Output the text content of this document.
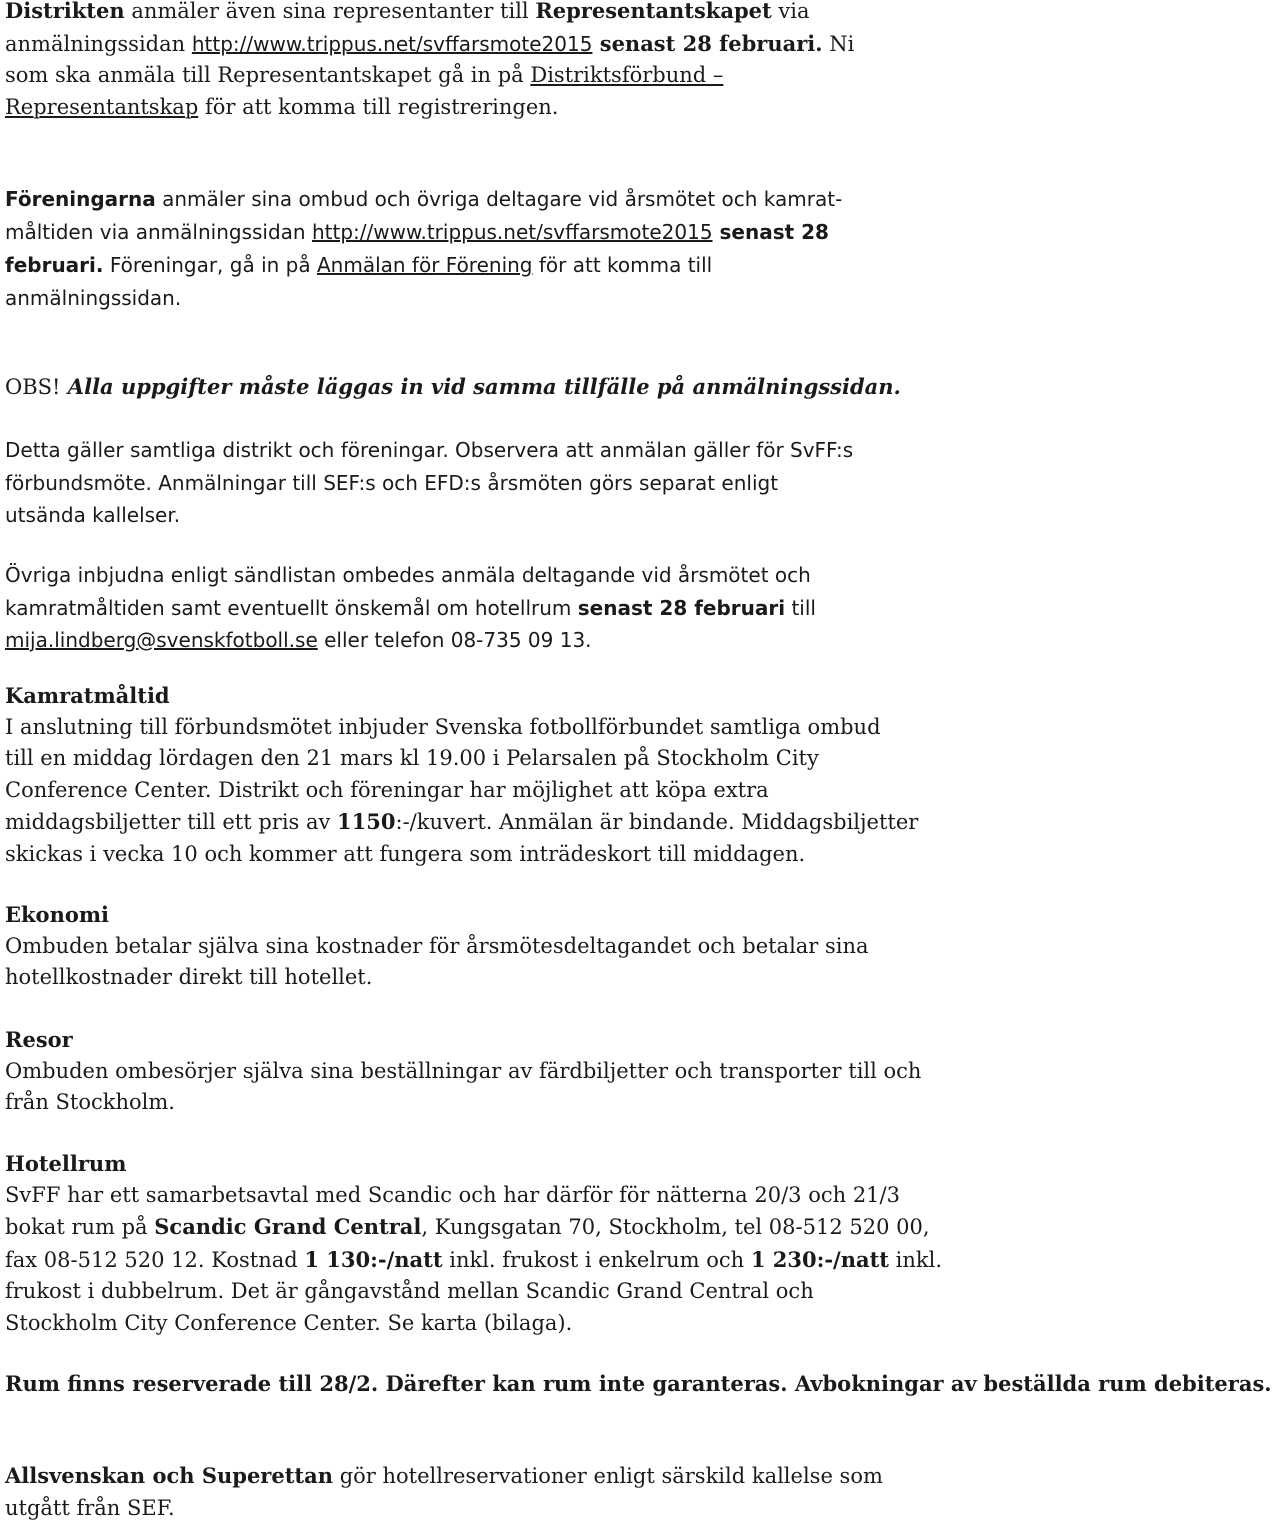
Distrikten anmäler även sina representanter till Representantskapet via
anmälningssidan http://www.trippus.net/svffarsmote2015 senast 28 februari. Ni
som ska anmäla till Representantskapet gå in på Distriktsförbund –
Representantskap för att komma till registreringen.
Föreningarna anmäler sina ombud och övriga deltagare vid årsmötet och kamrat-
måltiden via anmälningssidan http://www.trippus.net/svffarsmote2015 senast 28
februari. Föreningar, gå in på Anmälan för Förening för att komma till
anmälningssidan.
OBS! Alla uppgifter måste läggas in vid samma tillfälle på anmälningssidan.
Detta gäller samtliga distrikt och föreningar. Observera att anmälan gäller för SvFF:s
förbundsmöte. Anmälningar till SEF:s och EFD:s årsmöten görs separat enligt
utsända kallelser.
Övriga inbjudna enligt sändlistan ombedes anmäla deltagande vid årsmötet och
kamratmåltiden samt eventuellt önskemål om hotellrum senast 28 februari till
mija.lindberg@svenskfotboll.se eller telefon 08-735 09 13.
Kamratmåltid
I anslutning till förbundsmötet inbjuder Svenska fotbollförbundet samtliga ombud
till en middag lördagen den 21 mars kl 19.00 i Pelarsalen på Stockholm City
Conference Center. Distrikt och föreningar har möjlighet att köpa extra
middagsbiljetter till ett pris av 1150:-/kuvert. Anmälan är bindande. Middagsbiljetter
skickas i vecka 10 och kommer att fungera som inträdeskort till middagen.
Ekonomi
Ombuden betalar själva sina kostnader för årsmötesdeltagandet och betalar sina
hotellkostnader direkt till hotellet.
Resor
Ombuden ombesörjer själva sina beställningar av färdbiljetter och transporter till och
från Stockholm.
Hotellrum
SvFF har ett samarbetsavtal med Scandic och har därför för nätterna 20/3 och 21/3
bokat rum på Scandic Grand Central, Kungsgatan 70, Stockholm, tel 08-512 520 00,
fax 08-512 520 12. Kostnad 1 130:-/natt inkl. frukost i enkelrum och 1 230:-/natt inkl.
frukost i dubbelrum. Det är gångavstånd mellan Scandic Grand Central och
Stockholm City Conference Center. Se karta (bilaga).
Rum finns reserverade till 28/2. Därefter kan rum inte garanteras. Avbokningar av beställda rum debiteras.
Allsvenskan och Superettan gör hotellreservationer enligt särskild kallelse som
utgått från SEF.
